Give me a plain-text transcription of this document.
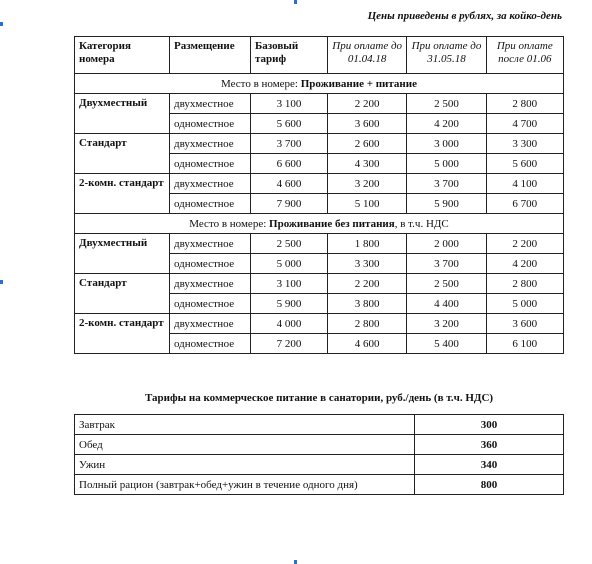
Цены приведены в рублях, за койко-день
Категория номера	Размещение	Базовый тариф	При оплате до 01.04.18	При оплате до 31.05.18	При оплате после 01.06
Место в номере: Проживание + питание					
Двухместный	двухместное	3 100	2 200	2 500	2 800
	одноместное	5 600	3 600	4 200	4 700
Стандарт	двухместное	3 700	2 600	3 000	3 300
	одноместное	6 600	4 300	5 000	5 600
2-комн. стандарт	двухместное	4 600	3 200	3 700	4 100
	одноместное	7 900	5 100	5 900	6 700
Место в номере: Проживание без питания, в т.ч. НДС					
Двухместный	двухместное	2 500	1 800	2 000	2 200
	одноместное	5 000	3 300	3 700	4 200
Стандарт	двухместное	3 100	2 200	2 500	2 800
	одноместное	5 900	3 800	4 400	5 000
2-комн. стандарт	двухместное	4 000	2 800	3 200	3 600
	одноместное	7 200	4 600	5 400	6 100
Тарифы на коммерческое питание в санатории, руб./день (в т.ч. НДС)
Завтрак	300
Обед	360
Ужин	340
Полный рацион (завтрак+обед+ужин в течение одного дня)	800
